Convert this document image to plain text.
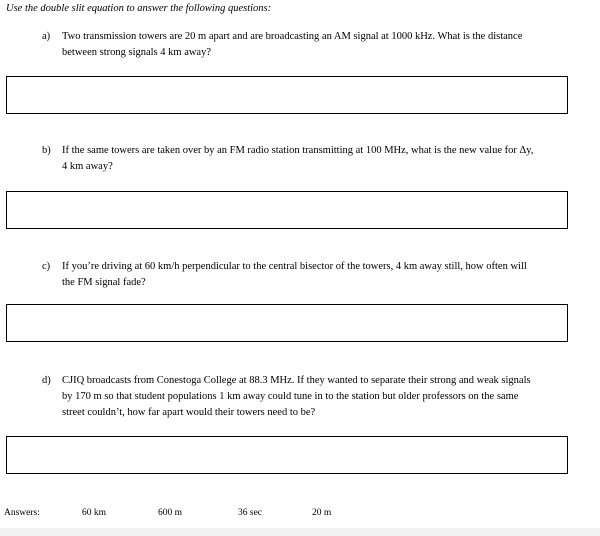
Use the double slit equation to answer the following questions:
a) Two transmission towers are 20 m apart and are broadcasting an AM signal at 1000 kHz. What is the distance
between strong signals 4 km away?
b) If the same towers are taken over by an FM radio station transmitting at 100 MHz, what is the new value for Δy,
4 km away?
c) If you’re driving at 60 km/h perpendicular to the central bisector of the towers, 4 km away still, how often will
the FM signal fade?
d) CJIQ broadcasts from Conestoga College at 88.3 MHz. If they wanted to separate their strong and weak signals
by 170 m so that student populations 1 km away could tune in to the station but older professors on the same
street couldn’t, how far apart would their towers need to be?
Answers:	60 km	600 m	36 sec	20 m
